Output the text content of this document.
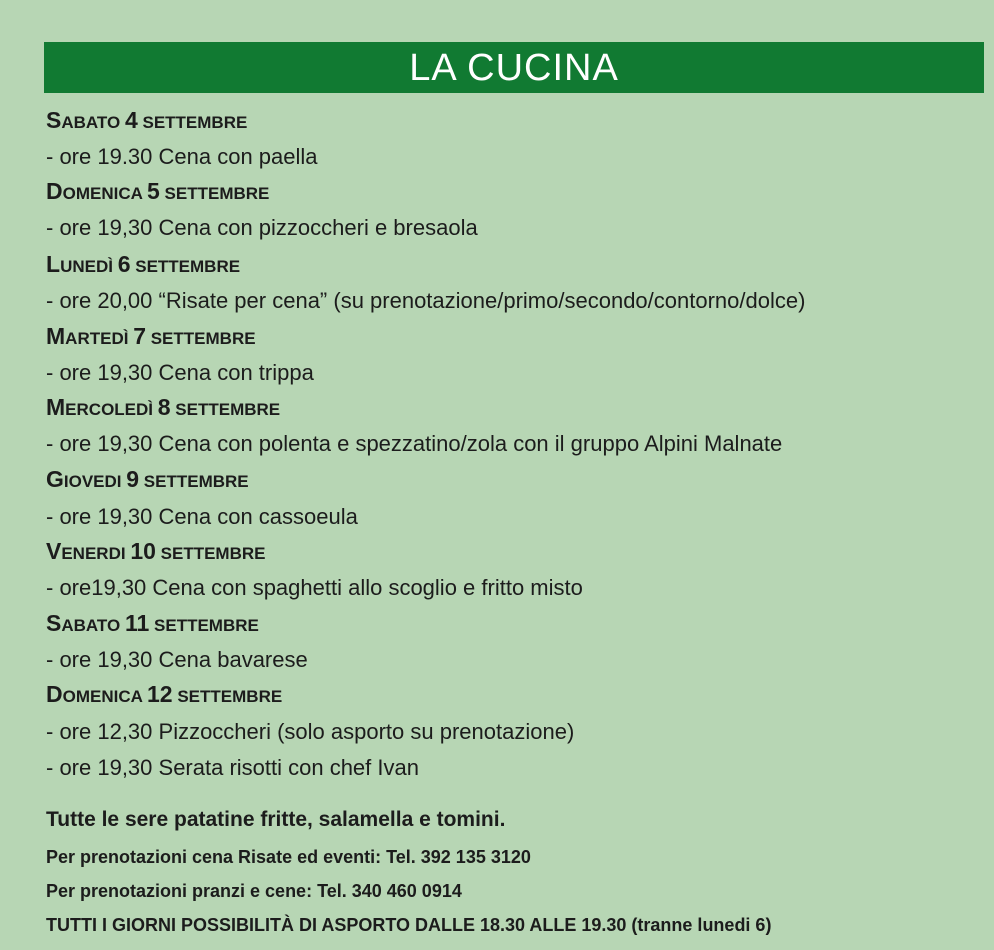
LA CUCINA
SABATO 4 SETTEMBRE
- ore 19.30 Cena con paella
DOMENICA 5 SETTEMBRE
- ore 19,30 Cena con pizzoccheri e bresaola
LUNEDÌ 6 SETTEMBRE
- ore 20,00 “Risate per cena” (su prenotazione/primo/secondo/contorno/dolce)
MARTEDÌ 7 SETTEMBRE
- ore 19,30 Cena con trippa
MERCOLEDÌ 8 SETTEMBRE
- ore 19,30 Cena con polenta e spezzatino/zola con il gruppo Alpini Malnate
GIOVEDI 9 SETTEMBRE
- ore 19,30 Cena con cassoeula
VENERDI 10 SETTEMBRE
- ore19,30 Cena con spaghetti allo scoglio e fritto misto
SABATO 11 SETTEMBRE
- ore 19,30 Cena bavarese
DOMENICA 12 SETTEMBRE
- ore 12,30 Pizzoccheri (solo asporto su prenotazione)
- ore 19,30 Serata risotti con chef Ivan
Tutte le sere patatine fritte, salamella e tomini.
Per prenotazioni cena Risate ed eventi: Tel. 392 135 3120
Per prenotazioni pranzi e cene: Tel. 340 460 0914
TUTTI I GIORNI POSSIBILITÀ DI ASPORTO DALLE 18.30 ALLE 19.30 (tranne lunedi 6)
